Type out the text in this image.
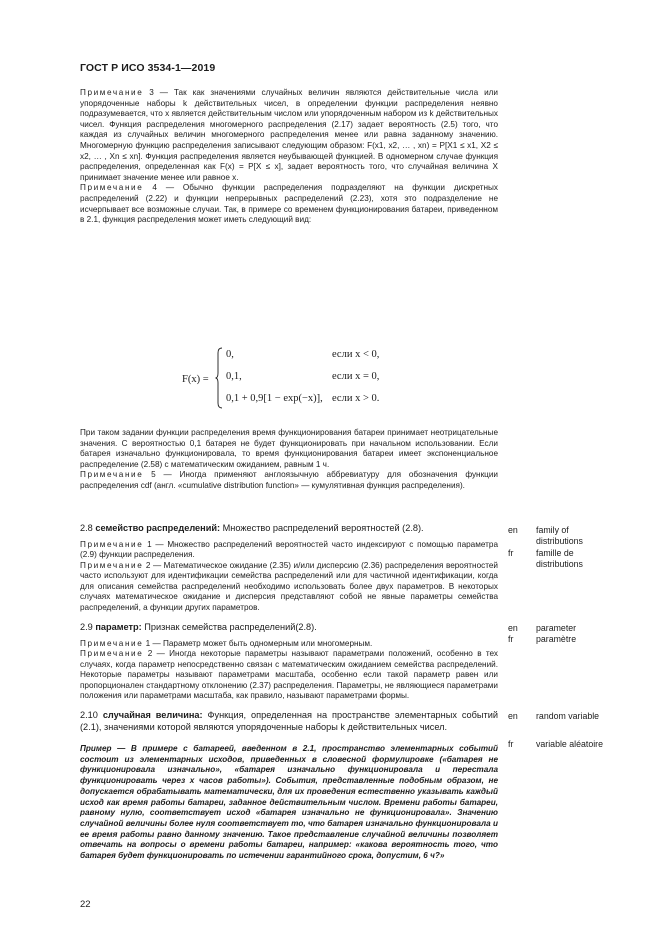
ГОСТ Р ИСО 3534-1—2019

Примечание 3 — Так как значениями случайных величин являются действительные числа или упорядоченные наборы k действительных чисел, в определении функции распределения неявно подразумевается, что x является действительным числом или упорядоченным набором из k действительных чисел. Функция распределения многомерного распределения (2.17) задает вероятность (2.5) того, что каждая из случайных величин многомерного распределения менее или равна заданному значению. Многомерную функцию распределения записывают следующим образом: F(x1, x2, … , xn) = P[X1 ≤ x1, X2 ≤ x2, … , Xn ≤ xn]. Функция распределения является неубывающей функцией. В одномерном случае функция распределения, определенная как F(x) = P[X ≤ x], задает вероятность того, что случайная величина X принимает значение менее или равное x.

Примечание 4 — Обычно функции распределения подразделяют на функции дискретных распределений (2.22) и функции непрерывных распределений (2.23), хотя это подразделение не исчерпывает все возможные случаи. Так, в примере со временем функционирования батареи, приведенном в 2.1, функция распределения может иметь следующий вид:

F(x) =
0,	если x < 0,
0,1,	если x = 0,
0,1 + 0,9[1 − exp(−x)], если x > 0.

При таком задании функции распределения время функционирования батареи принимает неотрицательные значения. С вероятностью 0,1 батарея не будет функционировать при начальном использовании. Если батарея изначально функционировала, то время функционирования батареи имеет экспоненциальное распределение (2.58) с математическим ожиданием, равным 1 ч.

Примечание 5 — Иногда применяют англоязычную аббревиатуру для обозначения функции распределения cdf (англ. «cumulative distribution function» — кумулятивная функция распределения).

2.8 семейство распределений: Множество распределений вероятностей (2.8).

Примечание 1 — Множество распределений вероятностей часто индексируют с помощью параметра (2.9) функции распределения.

Примечание 2 — Математическое ожидание (2.35) и/или дисперсию (2.36) распределения вероятностей часто используют для идентификации семейства распределений или для частичной идентификации, когда для описания семейства распределений необходимо использовать более двух параметров. В некоторых случаях математическое ожидание и дисперсия представляют собой не явные параметры семейства распределений, а функции других параметров.

en family of distributions
fr	famille de distributions

2.9 параметр: Признак семейства распределений(2.8).

Примечание 1 — Параметр может быть одномерным или многомерным.

Примечание 2 — Иногда некоторые параметры называют параметрами положений, особенно в тех случаях, когда параметр непосредственно связан с математическим ожиданием семейства распределений. Некоторые параметры называют параметрами масштаба, особенно если такой параметр равен или пропорционален стандартному отклонению (2.37) распределения. Параметры, не являющиеся параметрами положения или параметрами масштаба, как правило, называют параметрами формы.

en parameter
fr	paramètre

2.10 случайная величина: Функция, определенная на пространстве элементарных событий (2.1), значениями которой являются упорядоченные наборы k действительных чисел.

en random variable
fr	variable aléatoire

Пример — В примере с батареей, введенном в 2.1, пространство элементарных событий состоит из элементарных исходов, приведенных в словесной формулировке («батарея не функционировала изначально», «батарея изначально функционировала и перестала функционировать через x часов работы»). События, представленные подобным образом, не допускается обрабатывать математически, для их проведения естественно указывать каждый исход как время работы батареи, заданное действительным числом. Времени работы батареи, равному нулю, соответствует исход «батарея изначально не функционировала». Значению случайной величины более нуля соответствует то, что батарея изначально функционировала и ее время работы равно данному значению. Такое представление случайной величины позволяет отвечать на вопросы о времени работы батареи, например: «какова вероятность того, что батарея будет функционировать по истечении гарантийного срока, допустим, 6 ч?»

22
